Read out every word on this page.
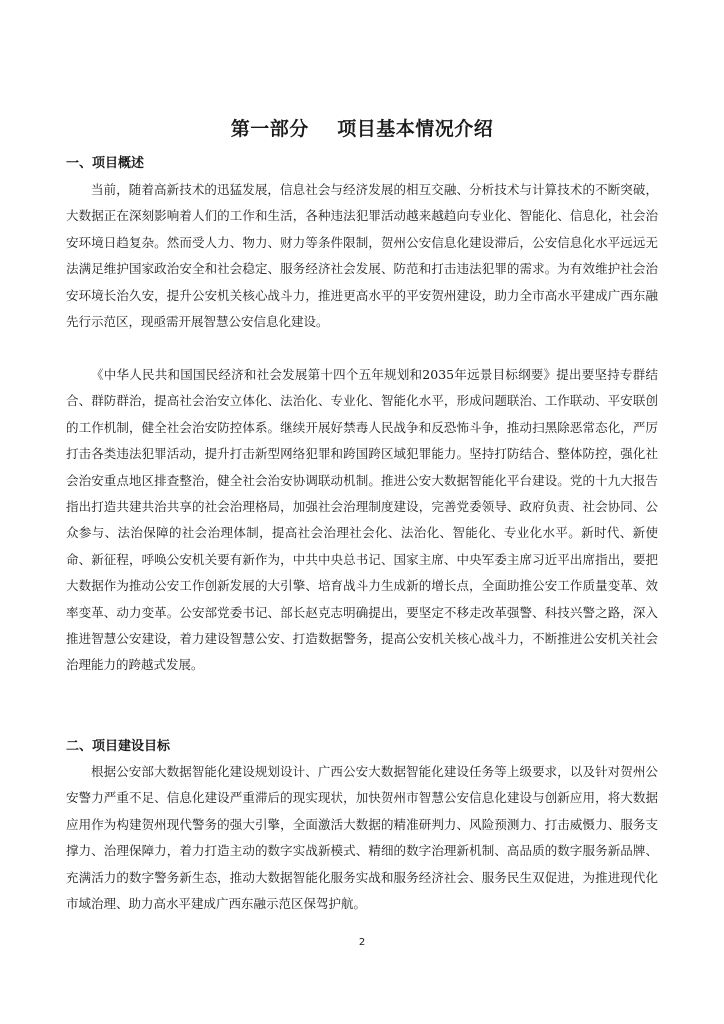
第一部分    项目基本情况介绍
一、项目概述

当前，随着高新技术的迅猛发展，信息社会与经济发展的相互交融、分析技术与计算技术的不断突破，大数据正在深刻影响着人们的工作和生活，各种违法犯罪活动越来越趋向专业化、智能化、信息化，社会治安环境日趋复杂。然而受人力、物力、财力等条件限制，贺州公安信息化建设滞后，公安信息化水平远远无法满足维护国家政治安全和社会稳定、服务经济社会发展、防范和打击违法犯罪的需求。为有效维护社会治安环境长治久安，提升公安机关核心战斗力，推进更高水平的平安贺州建设，助力全市高水平建成广西东融先行示范区，现亟需开展智慧公安信息化建设。

《中华人民共和国国民经济和社会发展第十四个五年规划和2035年远景目标纲要》提出要坚持专群结合、群防群治，提高社会治安立体化、法治化、专业化、智能化水平，形成问题联治、工作联动、平安联创的工作机制，健全社会治安防控体系。继续开展好禁毒人民战争和反恐怖斗争，推动扫黑除恶常态化，严厉打击各类违法犯罪活动，提升打击新型网络犯罪和跨国跨区域犯罪能力。坚持打防结合、整体防控，强化社会治安重点地区排查整治，健全社会治安协调联动机制。推进公安大数据智能化平台建设。党的十九大报告指出打造共建共治共享的社会治理格局，加强社会治理制度建设，完善党委领导、政府负责、社会协同、公众参与、法治保障的社会治理体制，提高社会治理社会化、法治化、智能化、专业化水平。新时代、新使命、新征程，呼唤公安机关要有新作为，中共中央总书记、国家主席、中央军委主席习近平出席指出，要把大数据作为推动公安工作创新发展的大引擎、培育战斗力生成新的增长点，全面助推公安工作质量变革、效率变革、动力变革。公安部党委书记、部长赵克志明确提出，要坚定不移走改革强警、科技兴警之路，深入推进智慧公安建设，着力建设智慧公安、打造数据警务，提高公安机关核心战斗力，不断推进公安机关社会治理能力的跨越式发展。

二、项目建设目标

根据公安部大数据智能化建设规划设计、广西公安大数据智能化建设任务等上级要求，以及针对贺州公安警力严重不足、信息化建设严重滞后的现实现状，加快贺州市智慧公安信息化建设与创新应用，将大数据应用作为构建贺州现代警务的强大引擎，全面激活大数据的精准研判力、风险预测力、打击威慑力、服务支撑力、治理保障力，着力打造主动的数字实战新模式、精细的数字治理新机制、高品质的数字服务新品牌、充满活力的数字警务新生态，推动大数据智能化服务实战和服务经济社会、服务民生双促进，为推进现代化市域治理、助力高水平建成广西东融示范区保驾护航。

2
